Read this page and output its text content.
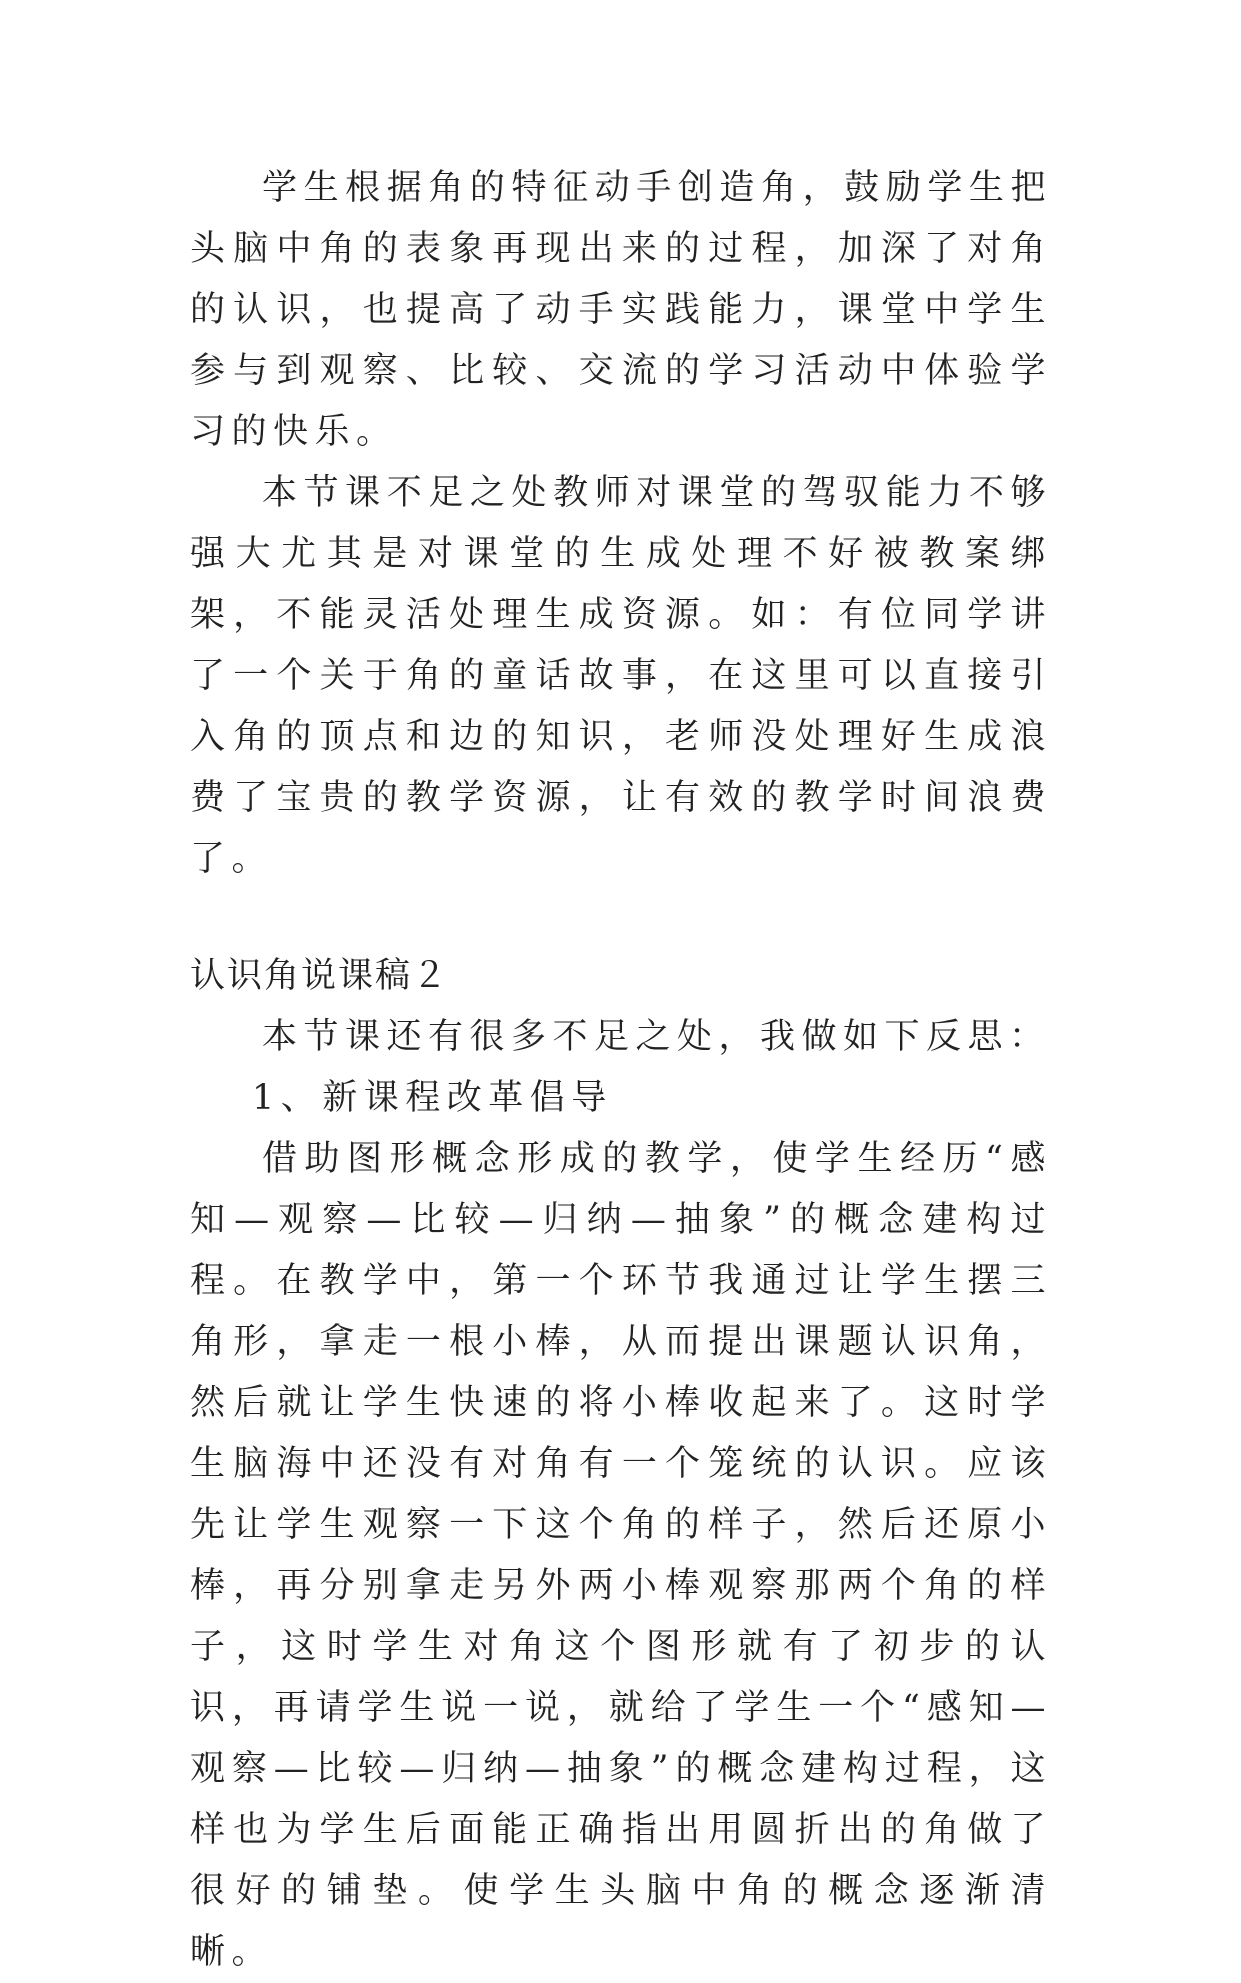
学生根据角的特征动手创造角，鼓励学生把头脑中角的表象再现出来的过程，加深了对角的认识，也提高了动手实践能力，课堂中学生参与到观察、比较、交流的学习活动中体验学习的快乐。

本节课不足之处教师对课堂的驾驭能力不够强大尤其是对课堂的生成处理不好被教案绑架，不能灵活处理生成资源。如：有位同学讲了一个关于角的童话故事，在这里可以直接引入角的顶点和边的知识，老师没处理好生成浪费了宝贵的教学资源，让有效的教学时间浪费了。

认识角说课稿２

本节课还有很多不足之处，我做如下反思：

1、新课程改革倡导

借助图形概念形成的教学，使学生经历“感知—观察—比较—归纳—抽象”的概念建构过程。在教学中，第一个环节我通过让学生摆三角形，拿走一根小棒，从而提出课题认识角，然后就让学生快速的将小棒收起来了。这时学生脑海中还没有对角有一个笼统的认识。应该先让学生观察一下这个角的样子，然后还原小棒，再分别拿走另外两小棒观察那两个角的样子，这时学生对角这个图形就有了初步的认识，再请学生说一说，就给了学生一个“感知—观察—比较—归纳—抽象”的概念建构过程，这样也为学生后面能正确指出用圆折出的角做了很好的铺垫。使学生头脑中角的概念逐渐清晰。
